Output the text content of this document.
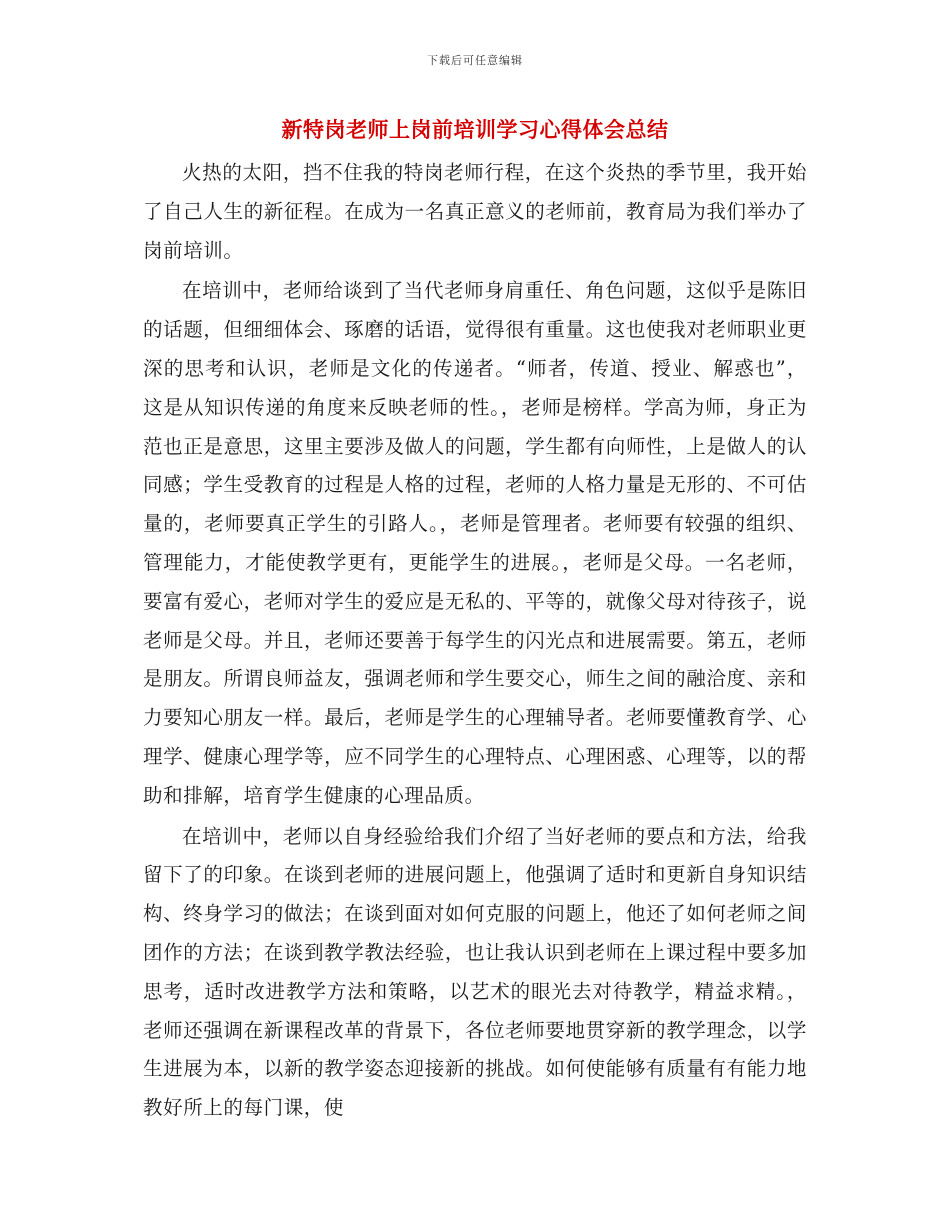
下载后可任意编辑
新特岗老师上岗前培训学习心得体会总结

火热的太阳，挡不住我的特岗老师行程，在这个炎热的季节里，我开始了自己人生的新征程。在成为一名真正意义的老师前，教育局为我们举办了岗前培训。

在培训中，老师给谈到了当代老师身肩重任、角色问题，这似乎是陈旧的话题，但细细体会、琢磨的话语，觉得很有重量。这也使我对老师职业更深的思考和认识，老师是文化的传递者。“师者，传道、授业、解惑也”，这是从知识传递的角度来反映老师的性。，老师是榜样。学高为师，身正为范也正是意思，这里主要涉及做人的问题，学生都有向师性，上是做人的认同感；学生受教育的过程是人格的过程，老师的人格力量是无形的、不可估量的，老师要真正学生的引路人。，老师是管理者。老师要有较强的组织、管理能力，才能使教学更有，更能学生的进展。，老师是父母。一名老师，要富有爱心，老师对学生的爱应是无私的、平等的，就像父母对待孩子，说老师是父母。并且，老师还要善于每学生的闪光点和进展需要。第五，老师是朋友。所谓良师益友，强调老师和学生要交心，师生之间的融洽度、亲和力要知心朋友一样。最后，老师是学生的心理辅导者。老师要懂教育学、心理学、健康心理学等，应不同学生的心理特点、心理困惑、心理等，以的帮助和排解，培育学生健康的心理品质。

在培训中，老师以自身经验给我们介绍了当好老师的要点和方法，给我留下了的印象。在谈到老师的进展问题上，他强调了适时和更新自身知识结构、终身学习的做法；在谈到面对如何克服的问题上，他还了如何老师之间团作的方法；在谈到教学教法经验，也让我认识到老师在上课过程中要多加思考，适时改进教学方法和策略，以艺术的眼光去对待教学，精益求精。，老师还强调在新课程改革的背景下，各位老师要地贯穿新的教学理念，以学生进展为本，以新的教学姿态迎接新的挑战。如何使能够有质量有有能力地教好所上的每门课，使
